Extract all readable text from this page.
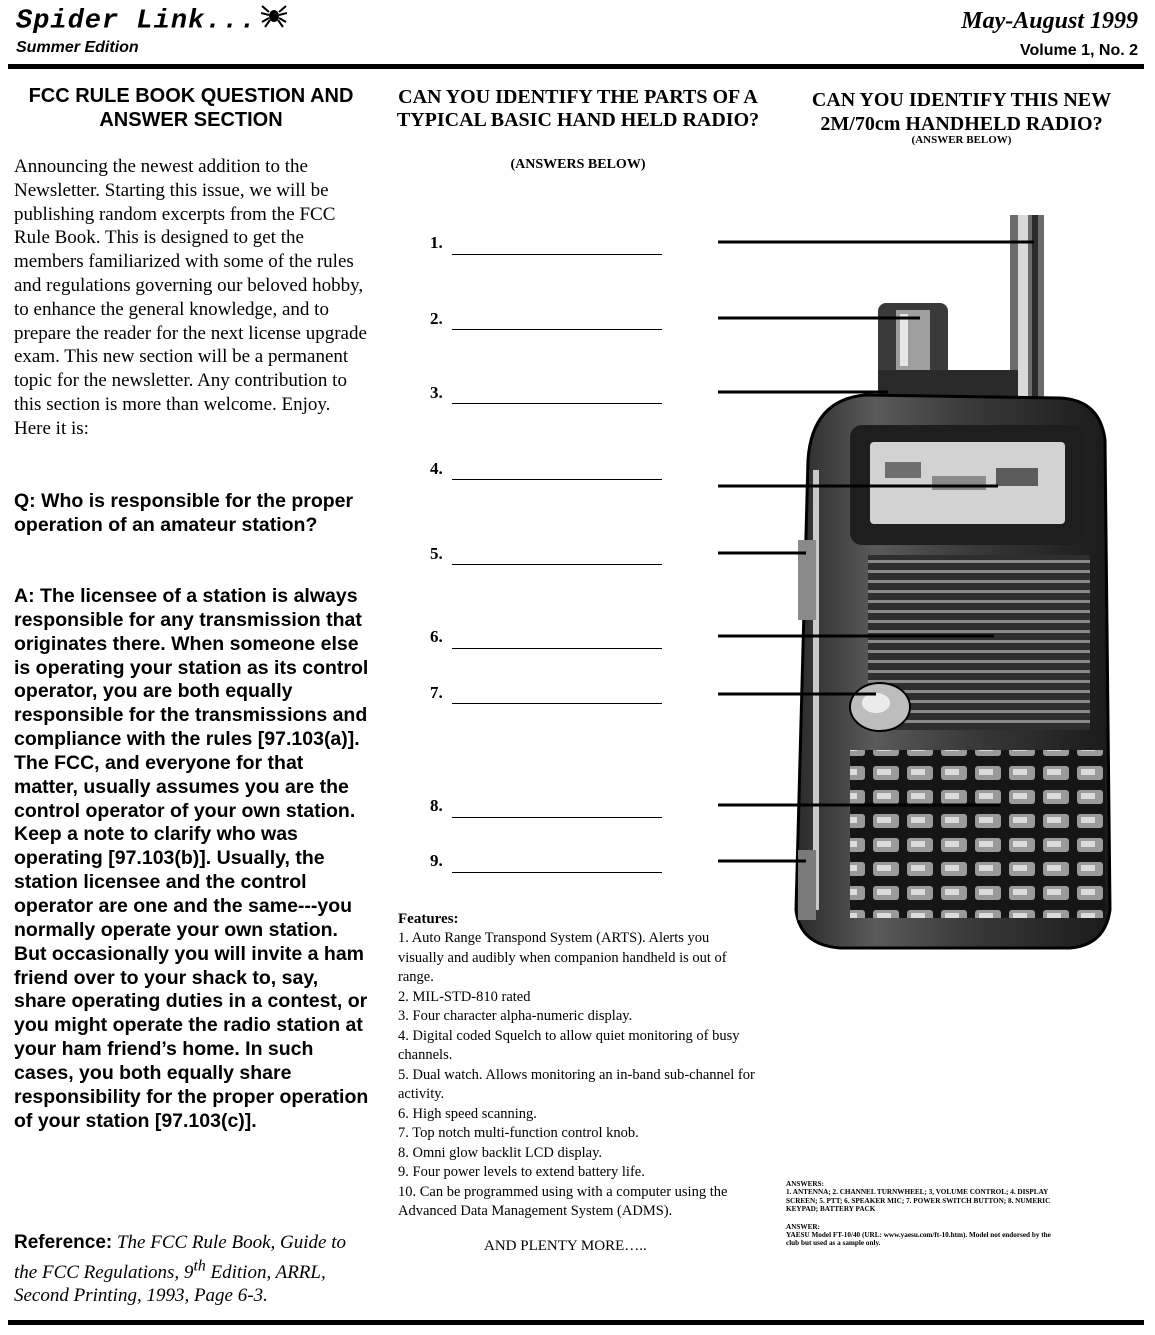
Spider Link...
Summer Edition
May-August 1999
Volume 1, No. 2
FCC RULE BOOK QUESTION AND ANSWER SECTION
Announcing the newest addition to the Newsletter. Starting this issue, we will be publishing random excerpts from the FCC Rule Book. This is designed to get the members familiarized with some of the rules and regulations governing our beloved hobby, to enhance the general knowledge, and to prepare the reader for the next license upgrade exam. This new section will be a permanent topic for the newsletter. Any contribution to this section is more than welcome. Enjoy. Here it is:
Q: Who is responsible for the proper operation of an amateur station?
A: The licensee of a station is always responsible for any transmission that originates there. When someone else is operating your station as its control operator, you are both equally responsible for the transmissions and compliance with the rules [97.103(a)]. The FCC, and everyone for that matter, usually assumes you are the control operator of your own station. Keep a note to clarify who was operating [97.103(b)]. Usually, the station licensee and the control operator are one and the same---you normally operate your own station. But occasionally you will invite a ham friend over to your shack to, say, share operating duties in a contest, or you might operate the radio station at your ham friend’s home. In such cases, you both equally share responsibility for the proper operation of your station [97.103(c)].
Reference: The FCC Rule Book, Guide to the FCC Regulations, 9th Edition, ARRL, Second Printing, 1993, Page 6-3.
CAN YOU IDENTIFY THE PARTS OF A TYPICAL BASIC HAND HELD RADIO?
(ANSWERS BELOW)
1.
2.
3.
4.
5.
6.
7.
8.
9.
Features:
1. Auto Range Transpond System (ARTS). Alerts you visually and audibly when companion handheld is out of range.
2. MIL-STD-810 rated
3. Four character alpha-numeric display.
4. Digital coded Squelch to allow quiet monitoring of busy channels.
5. Dual watch. Allows monitoring an in-band sub-channel for activity.
6. High speed scanning.
7. Top notch multi-function control knob.
8. Omni glow backlit LCD display.
9. Four power levels to extend battery life.
10. Can be programmed using with a computer using the Advanced Data Management System (ADMS).
AND PLENTY MORE…..
CAN YOU IDENTIFY THIS NEW 2M/70cm HANDHELD RADIO?
(ANSWER BELOW)
ANSWERS:
1. ANTENNA; 2. CHANNEL TURNWHEEL; 3, VOLUME CONTROL; 4. DISPLAY SCREEN; 5. PTT; 6. SPEAKER MIC; 7. POWER SWITCH BUTTON; 8. NUMERIC KEYPAD; BATTERY PACK
ANSWER:
YAESU Model FT-10/40 (URL: www.yaesu.com/ft-10.htm). Model not endorsed by the club but used as a sample only.
